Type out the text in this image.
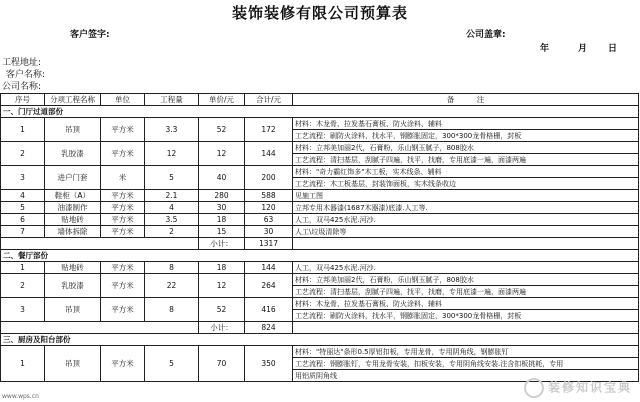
装饰装修有限公司预算表
客户签字:	公司盖章:
年	月 日
工程地址:
客户名称:
公司名称:
序号	分项工程名称	单位	工程量	单价/元	合计/元	备　　　注
一、门厅过道部份						
1	吊顶	平方米	3.3	52	172	材料：木龙骨、拉发基石膏板、防火涂料、辅料
						工艺流程：刷防火涂料，找水平，钢膨胀固定，300*300龙骨格栅，封板
2	乳胶漆	平方米	12	12	144	材料：立邦美加丽2代，石膏粉，乐山钢玉腻子，808胶水
						工艺流程：清扫基层，刮腻子四遍，找平，找磨，专用底漆一遍，面漆两遍
3	进户门套	米	5	40	200	材料："奇力霸红饰多"木工板，实木线条、辅料
						工艺流程：木工板基层，封装饰面板，实木线条收边
4	鞋柜（A）	平方米	2.1	280	588	见施工图
5	油漆制作	平方米	4	30	120	立邦专用木器漆(1687木器漆)底漆.人工等.
6	贴地砖	平方米	3.5	18	63	人工，双马425水泥.河沙.
7	墙体拆除	平方米	2	15	30	人工\垃圾清除等
				小计：	1317	
二、餐厅部份						
1	贴地砖	平方米	8	18	144	人工，双马425水泥.河沙.
2	乳胶漆	平方米	22	12	264	材料：立邦美加丽2代，石膏粉，乐山钢玉腻子，808胶水
						工艺流程：清扫基层，刮腻子四遍，找平，找磨，专用底漆一遍，面漆两遍
3	吊顶	平方米	8	52	416	材料：木龙骨、拉发基石膏板、防火涂料、辅料
						工艺流程：刷防火涂料，找水平，钢膨胀固定，300*300龙骨格栅，封板
				小计：	824	
三、厨房及阳台部份						
1	吊顶	平方米	5	70	350	材料："特丽达"条形0.5厚铝扣板，专用龙骨，专用阴角线，钢膨胀钉
						工艺流程：钢膨胀钉，专用龙骨安装，扣板安装，专用阴角线安装.注含扣板挑耗，专用
						用铝质阴角线
装修知识宝典
www.wps.cn
